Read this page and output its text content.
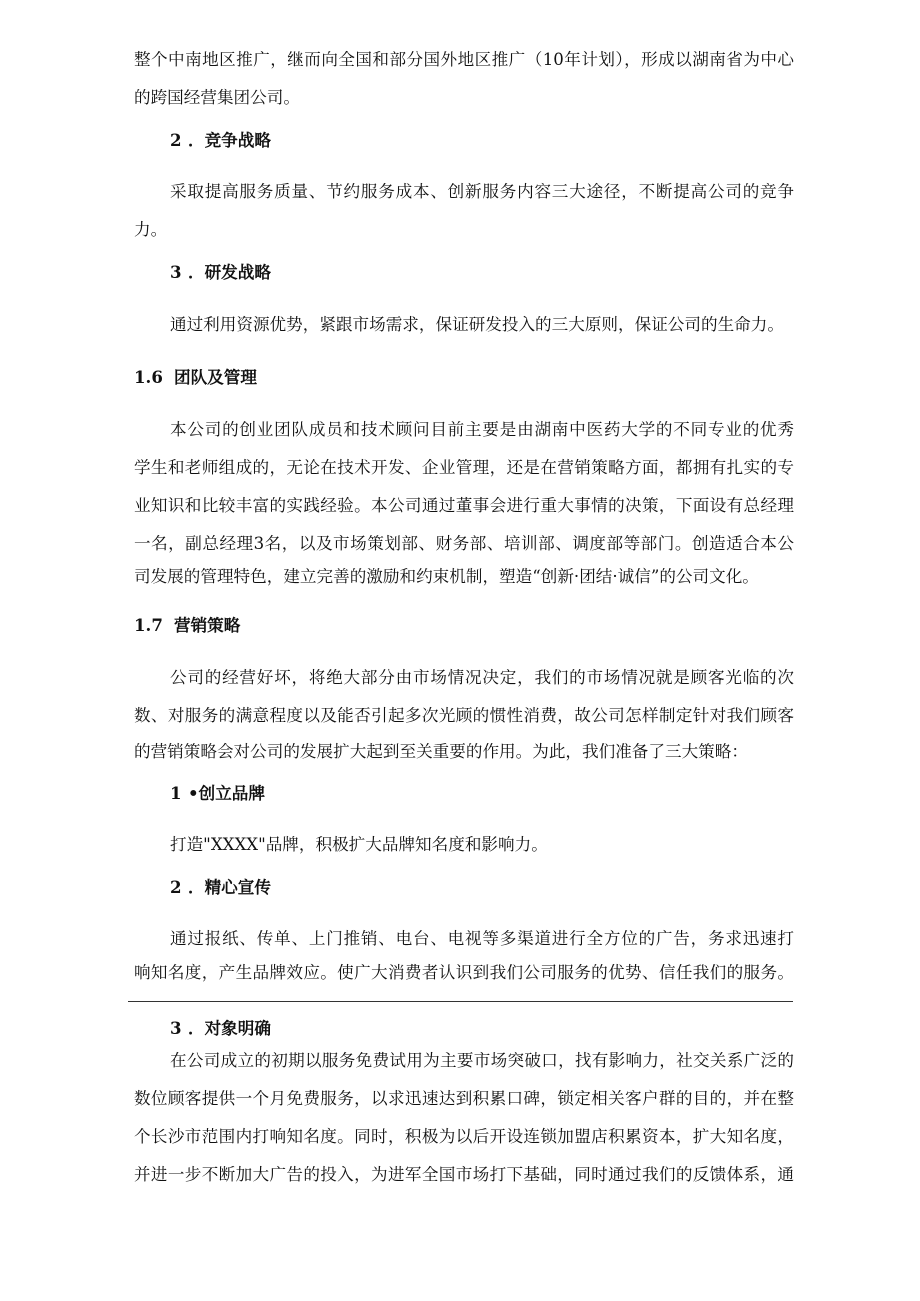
整个中南地区推广，继而向全国和部分国外地区推广（10年计划），形成以湖南省为中心
的跨国经营集团公司。
2 ．竞争战略
采取提高服务质量、节约服务成本、创新服务内容三大途径，不断提高公司的竞争
力。
3 ．研发战略
通过利用资源优势，紧跟市场需求，保证研发投入的三大原则，保证公司的生命力。
1.6 团队及管理
本公司的创业团队成员和技术顾问目前主要是由湖南中医药大学的不同专业的优秀
学生和老师组成的，无论在技术开发、企业管理，还是在营销策略方面，都拥有扎实的专
业知识和比较丰富的实践经验。本公司通过董事会进行重大事情的决策，下面设有总经理
一名，副总经理3名，以及市场策划部、财务部、培训部、调度部等部门。创造适合本公
司发展的管理特色，建立完善的激励和约束机制，塑造“创新·团结·诚信”的公司文化。
1.7 营销策略
公司的经营好坏，将绝大部分由市场情况决定，我们的市场情况就是顾客光临的次
数、对服务的满意程度以及能否引起多次光顾的惯性消费，故公司怎样制定针对我们顾客
的营销策略会对公司的发展扩大起到至关重要的作用。为此，我们准备了三大策略：
1 •创立品牌
打造"XXXX"品牌，积极扩大品牌知名度和影响力。
2 ．精心宣传
通过报纸、传单、上门推销、电台、电视等多渠道进行全方位的广告，务求迅速打
响知名度，产生品牌效应。使广大消费者认识到我们公司服务的优势、信任我们的服务。
3 ．对象明确
在公司成立的初期以服务免费试用为主要市场突破口，找有影响力，社交关系广泛的
数位顾客提供一个月免费服务，以求迅速达到积累口碑，锁定相关客户群的目的，并在整
个长沙市范围内打响知名度。同时，积极为以后开设连锁加盟店积累资本，扩大知名度，
并进一步不断加大广告的投入，为进军全国市场打下基础，同时通过我们的反馈体系，通
